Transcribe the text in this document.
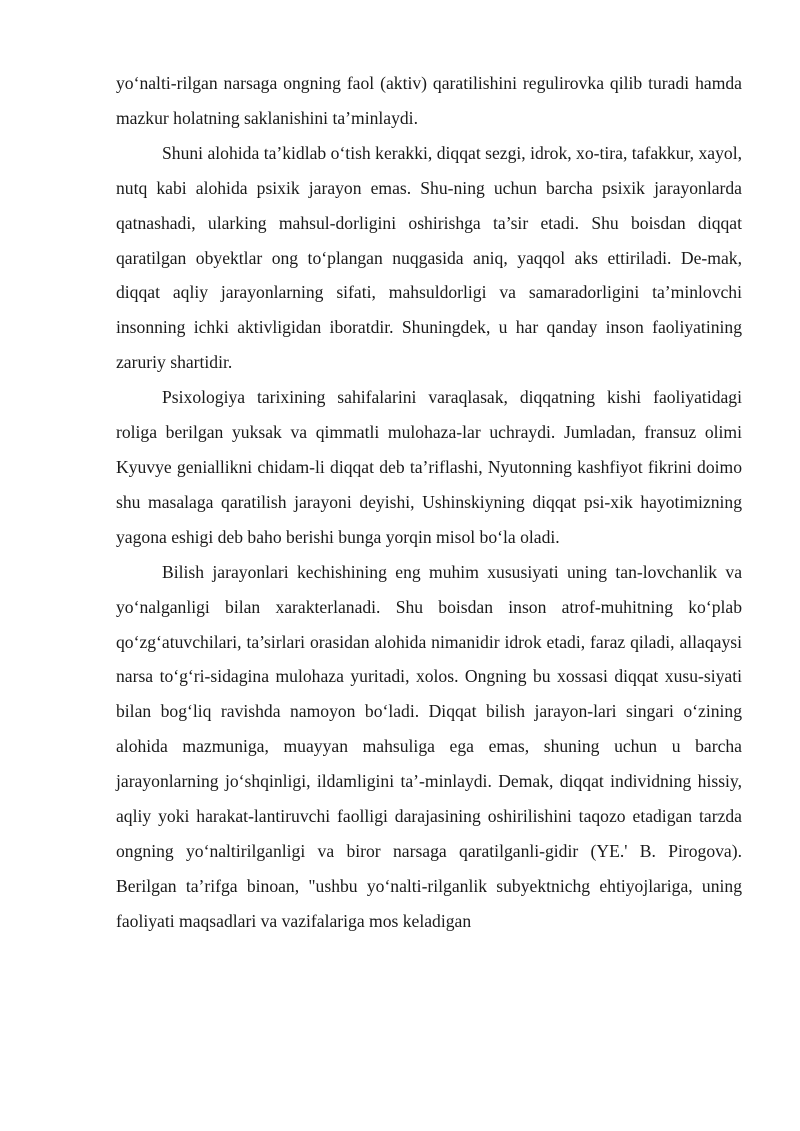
yo‘nalti-rilgan narsaga ongning faol (aktiv) qaratilishini regulirovka qilib turadi hamda mazkur holatning saklanishini ta’minlaydi.

Shuni alohida ta’kidlab o‘tish kerakki, diqqat sezgi, idrok, xo-tira, tafakkur, xayol, nutq kabi alohida psixik jarayon emas. Shu-ning uchun barcha psixik jarayonlarda qatnashadi, ularking mahsul-dorligini oshirishga ta’sir etadi. Shu boisdan diqqat qaratilgan obyektlar ong to‘plangan nuqgasida aniq, yaqqol aks ettiriladi. De-mak, diqqat aqliy jarayonlarning sifati, mahsuldorligi va samaradorligini ta’minlovchi insonning ichki aktivligidan iboratdir. Shuningdek, u har qanday inson faoliyatining zaruriy shartidir.

Psixologiya tarixining sahifalarini varaqlasak, diqqatning kishi faoliyatidagi roliga berilgan yuksak va qimmatli mulohaza-lar uchraydi. Jumladan, fransuz olimi Kyuvye geniallikni chidam-li diqqat deb ta’riflashi, Nyutonning kashfiyot fikrini doimo shu masalaga qaratilish jarayoni deyishi, Ushinskiyning diqqat psi-xik hayotimizning yagona eshigi deb baho berishi bunga yorqin misol bo‘la oladi.

Bilish jarayonlari kechishining eng muhim xususiyati uning tan-lovchanlik va yo‘nalganligi bilan xarakterlanadi. Shu boisdan inson atrof-muhitning ko‘plab qo‘zg‘atuvchilari, ta’sirlari orasidan alohida nimanidir idrok etadi, faraz qiladi, allaqaysi narsa to‘g‘ri-sidagina mulohaza yuritadi, xolos. Ongning bu xossasi diqqat xusu-siyati bilan bog‘liq ravishda namoyon bo‘ladi. Diqqat bilish jarayon-lari singari o‘zining alohida mazmuniga, muayyan mahsuliga ega emas, shuning uchun u barcha jarayonlarning jo‘shqinligi, ildamligini ta’-minlaydi. Demak, diqqat individning hissiy, aqliy yoki harakat-lantiruvchi faolligi darajasining oshirilishini taqozo etadigan tarzda ongning yo‘naltirilganligi va biror narsaga qaratilganli-gidir (YE.' B. Pirogova). Berilgan ta’rifga binoan, "ushbu yo‘nalti-rilganlik subyektnichg ehtiyojlariga, uning faoliyati maqsadlari va vazifalariga mos keladigan
